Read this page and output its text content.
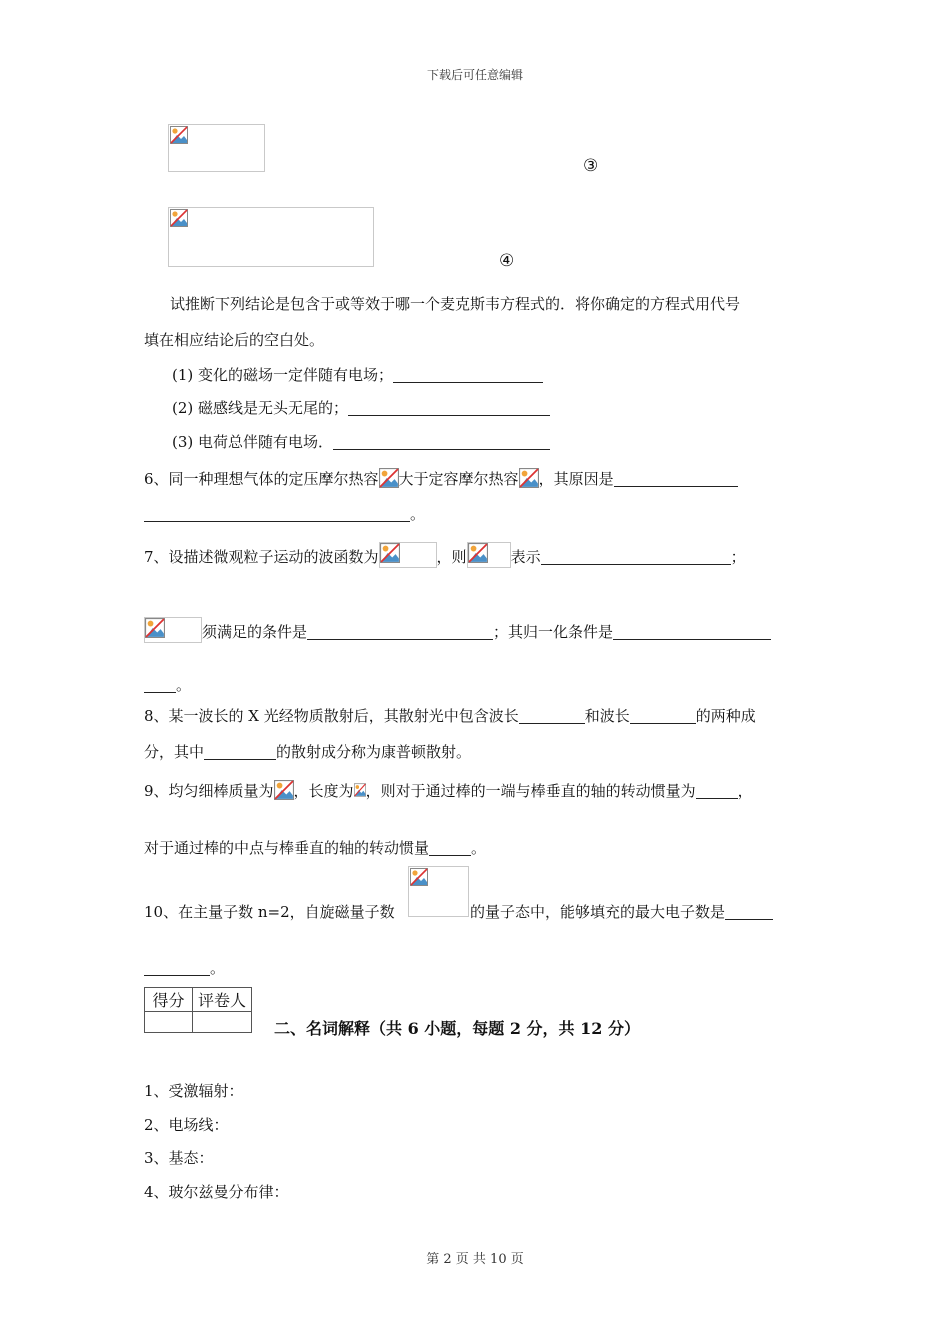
下载后可任意编辑
③
④
试推断下列结论是包含于或等效于哪一个麦克斯韦方程式的．将你确定的方程式用代号
填在相应结论后的空白处。
(1) 变化的磁场一定伴随有电场；
(2) 磁感线是无头无尾的；
(3) 电荷总伴随有电场．
6、同一种理想气体的定压摩尔热容 大于定容摩尔热容 ，其原因是
。
7、设描述微观粒子运动的波函数为	，则	表示	；
须满足的条件是	；其归一化条件是
。
8、某一波长的 X 光经物质散射后，其散射光中包含波长	和波长	的两种成
分，其中	的散射成分称为康普顿散射。
9、均匀细棒质量为 ，长度为 ，则对于通过棒的一端与棒垂直的轴的转动惯量为	，
对于通过棒的中点与棒垂直的轴的转动惯量	。
10、在主量子数 n=2，自旋磁量子数	的量子态中，能够填充的最大电子数是
。
得分	评卷人

二、名词解释（共 6 小题，每题 2 分，共 12 分）
1、受激辐射：
2、电场线：
3、基态：
4、玻尔兹曼分布律：
第 2 页 共 10 页
